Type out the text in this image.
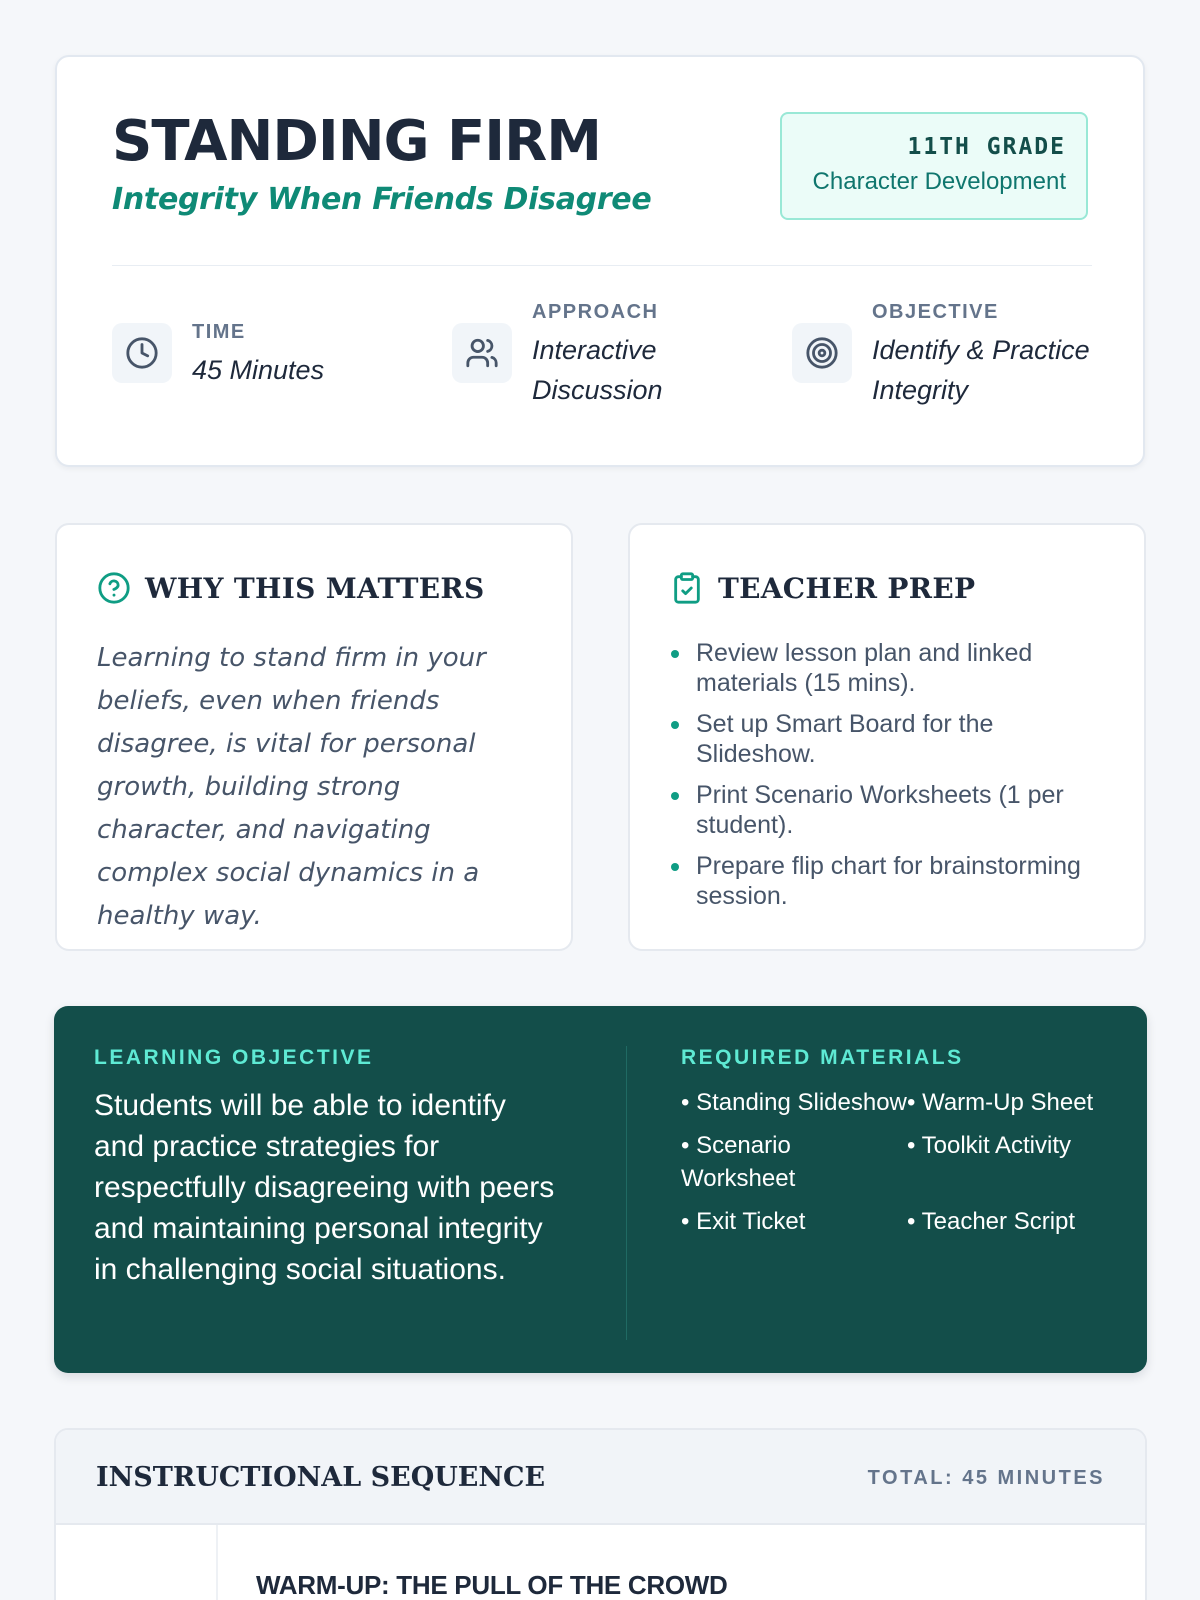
STANDING FIRM
Integrity When Friends Disagree
11TH GRADE
Character Development
TIME
45 Minutes
APPROACH
Interactive Discussion
OBJECTIVE
Identify & Practice Integrity
WHY THIS MATTERS

Learning to stand firm in your beliefs, even when friends disagree, is vital for personal growth, building strong character, and navigating complex social dynamics in a healthy way.

TEACHER PREP
Review lesson plan and linked materials (15 mins).
Set up Smart Board for the Slideshow.
Print Scenario Worksheets (1 per student).
Prepare flip chart for brainstorming session.
LEARNING OBJECTIVE

Students will be able to identify and practice strategies for respectfully disagreeing with peers and maintaining personal integrity in challenging social situations.

REQUIRED MATERIALS
• Standing Slideshow • Warm-Up Sheet
• Scenario Worksheet
• Toolkit Activity
• Exit Ticket	• Teacher Script
INSTRUCTIONAL SEQUENCE	TOTAL: 45 MINUTES
WARM-UP: THE PULL OF THE CROWD
